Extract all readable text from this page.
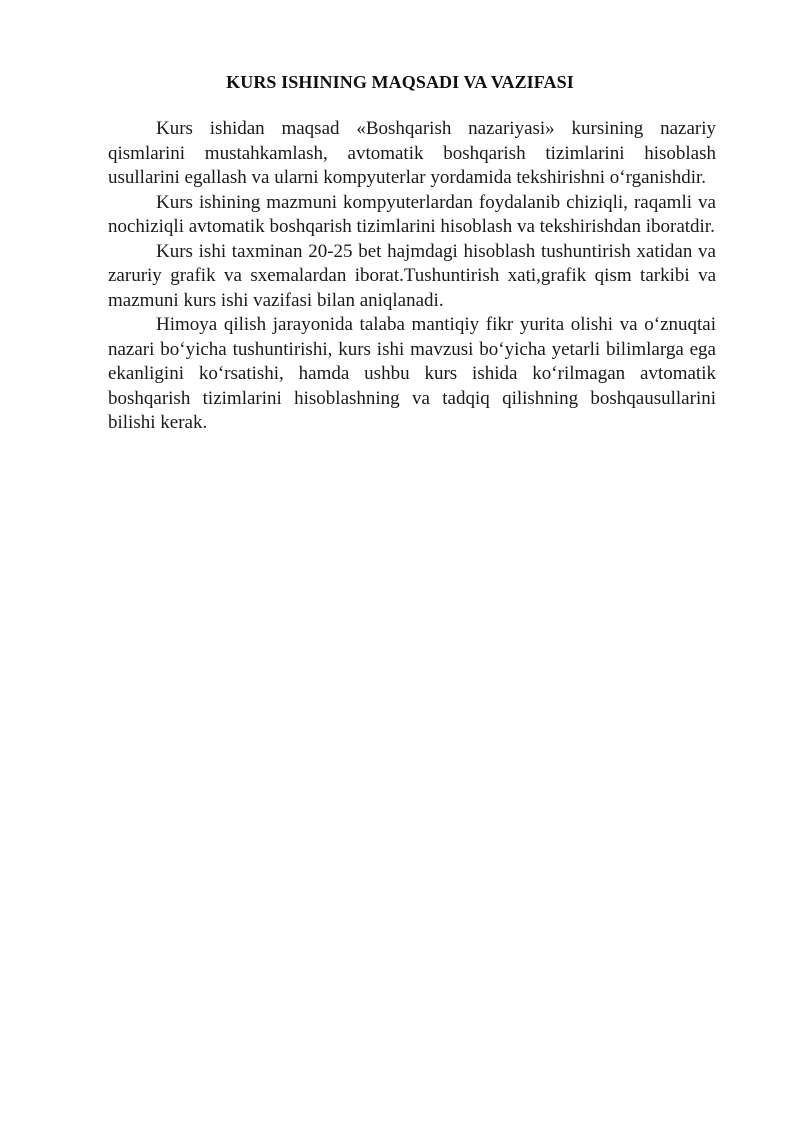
KURS ISHINING MAQSADI VA VAZIFASI

Kurs ishidan maqsad «Boshqarish nazariyasi» kursining nazariy qismlarini mustahkamlash, avtomatik boshqarish tizimlarini hisoblash usullarini egallash va ularni kompyuterlar yordamida tekshirishni o‘rganishdir.

Kurs ishining mazmuni kompyuterlardan foydalanib chiziqli, raqamli va nochiziqli avtomatik boshqarish tizimlarini hisoblash va tekshirishdan iboratdir.

Kurs ishi taxminan 20-25 bet hajmdagi hisoblash tushuntirish xatidan va zaruriy grafik va sxemalardan iborat.Tushuntirish xati,grafik qism tarkibi va mazmuni kurs ishi vazifasi bilan aniqlanadi.

Himoya qilish jarayonida talaba mantiqiy fikr yurita olishi va o‘znuqtai nazari bo‘yicha tushuntirishi, kurs ishi mavzusi bo‘yicha yetarli bilimlarga ega ekanligini ko‘rsatishi, hamda ushbu kurs ishida ko‘rilmagan avtomatik boshqarish tizimlarini hisoblashning va tadqiq qilishning boshqausullarini bilishi kerak.
